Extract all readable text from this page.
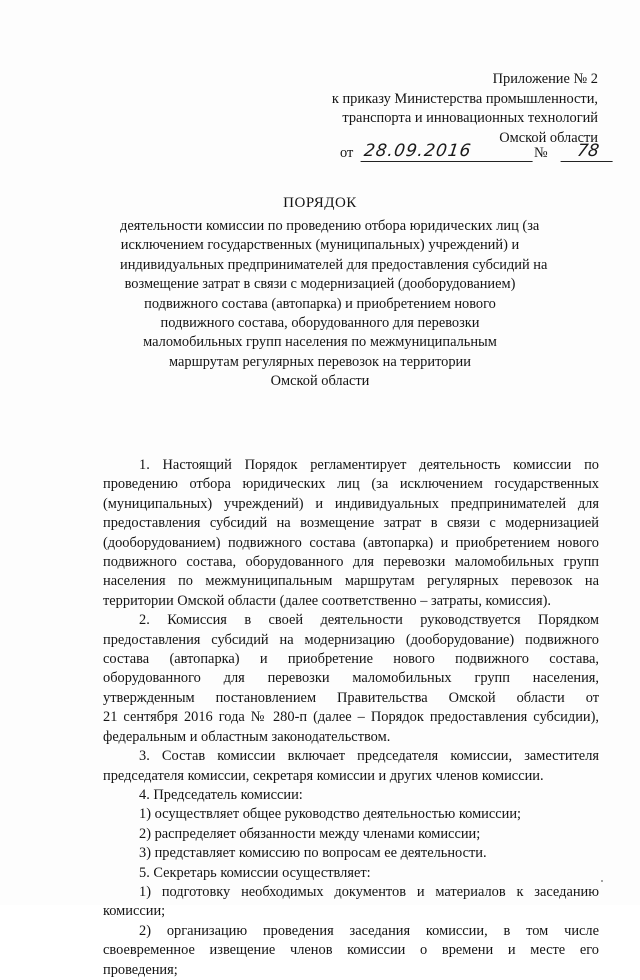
Приложение № 2
к приказу Министерства промышленности,
транспорта и инновационных технологий
Омской области
от 28.09.2016	№	78
ПОРЯДОК
деятельности комиссии по проведению отбора юридических лиц (за
исключением государственных (муниципальных) учреждений) и
индивидуальных предпринимателей для предоставления субсидий на
возмещение затрат в связи с модернизацией (дооборудованием)
подвижного состава (автопарка) и приобретением нового
подвижного состава, оборудованного для перевозки
маломобильных групп населения по межмуниципальным
маршрутам регулярных перевозок на территории
Омской области
1. Настоящий Порядок регламентирует деятельность комиссии по
проведению отбора юридических лиц (за исключением государственных
(муниципальных) учреждений) и индивидуальных предпринимателей для
предоставления субсидий на возмещение затрат в связи с модернизацией
(дооборудованием) подвижного состава (автопарка) и приобретением нового
подвижного состава, оборудованного для перевозки маломобильных групп
населения по межмуниципальным маршрутам регулярных перевозок на
территории Омской области (далее соответственно – затраты, комиссия).
2. Комиссия в своей деятельности руководствуется Порядком
предоставления субсидий на модернизацию (дооборудование) подвижного
состава (автопарка) и приобретение нового подвижного состава,
оборудованного для перевозки маломобильных групп населения,
утвержденным постановлением Правительства Омской области от
21 сентября 2016 года № 280-п (далее – Порядок предоставления субсидии),
федеральным и областным законодательством.
3. Состав комиссии включает председателя комиссии, заместителя
председателя комиссии, секретаря комиссии и других членов комиссии.
4. Председатель комиссии:
1) осуществляет общее руководство деятельностью комиссии;
2) распределяет обязанности между членами комиссии;
3) представляет комиссию по вопросам ее деятельности.
5. Секретарь комиссии осуществляет:
1) подготовку необходимых документов и материалов к заседанию
комиссии;
2) организацию проведения заседания комиссии, в том числе
своевременное извещение членов комиссии о времени и месте его
проведения;
